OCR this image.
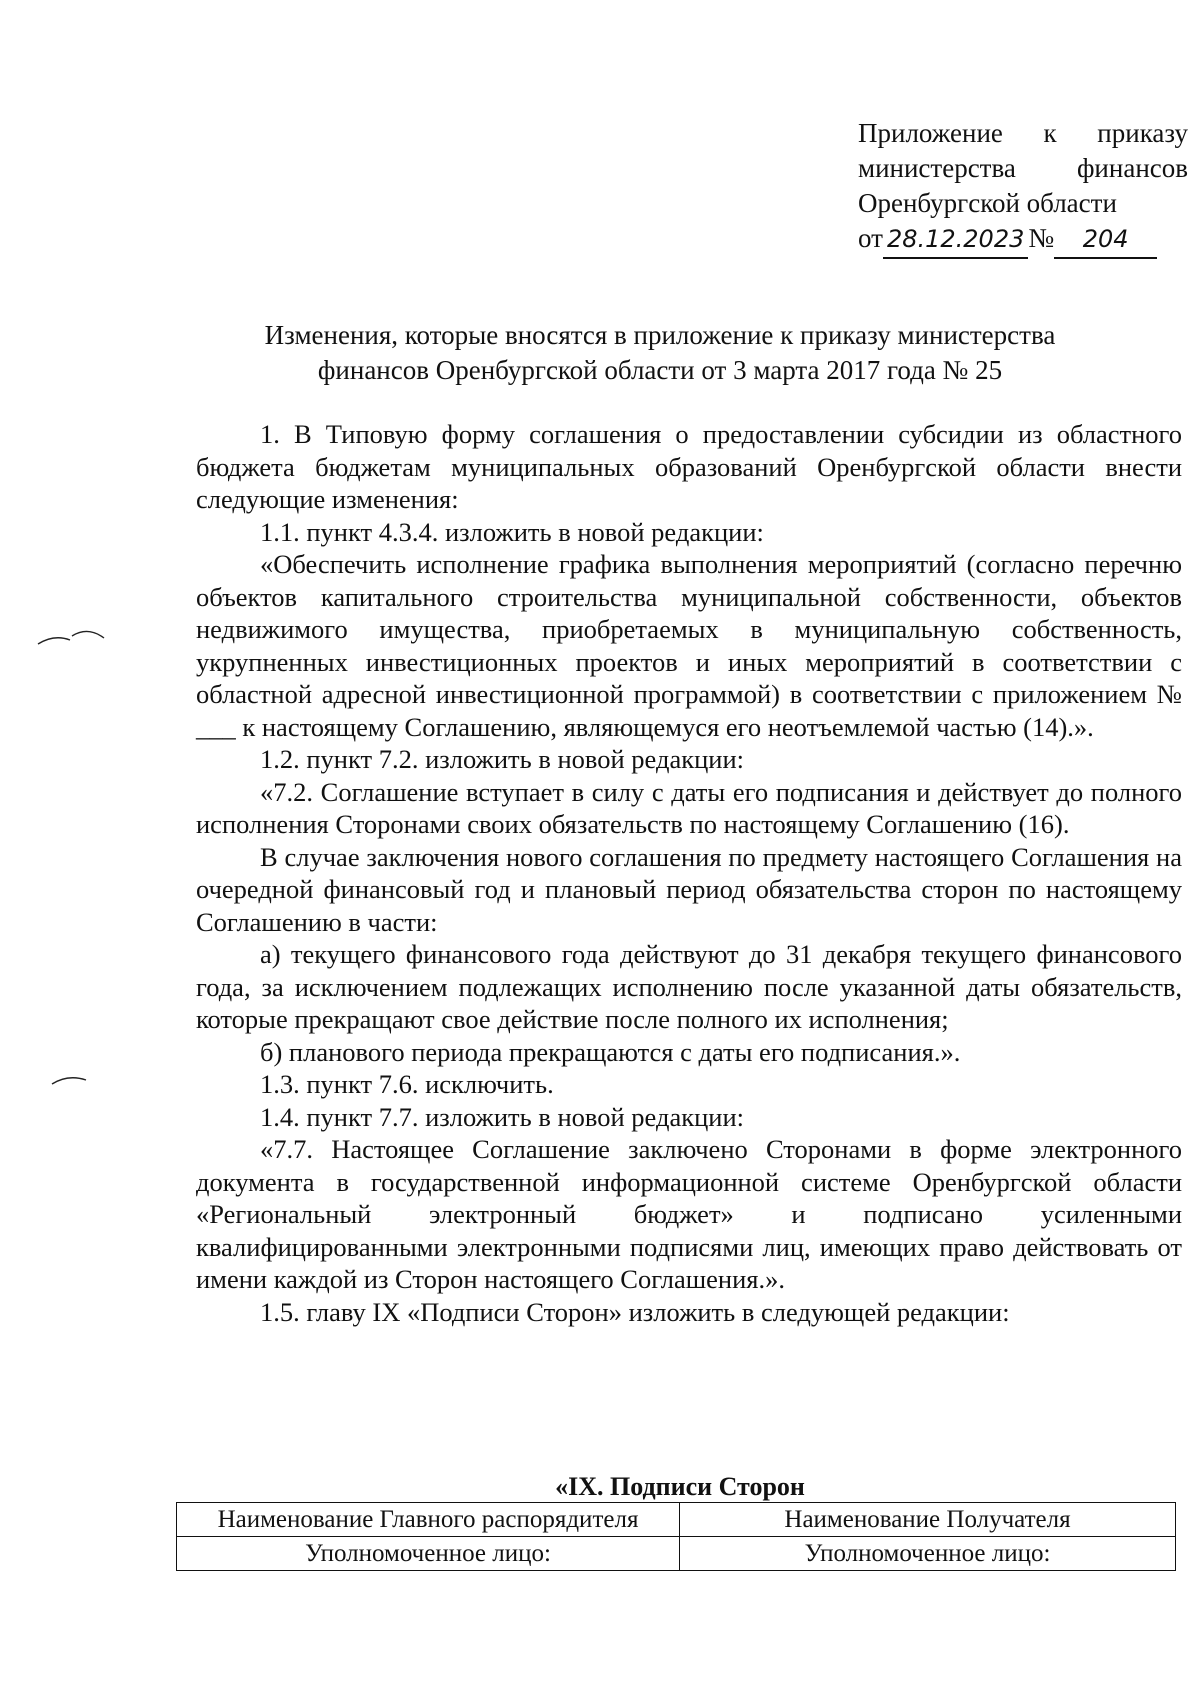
Приложение к приказу
министерства финансов
Оренбургской области
от 28.12.2023 №	204
Изменения, которые вносятся в приложение к приказу министерства
финансов Оренбургской области от 3 марта 2017 года № 25

1. В Типовую форму соглашения о предоставлении субсидии из областного бюджета бюджетам муниципальных образований Оренбургской области внести следующие изменения:

1.1. пункт 4.3.4. изложить в новой редакции:

«Обеспечить исполнение графика выполнения мероприятий (согласно перечню объектов капитального строительства муниципальной собственности, объектов недвижимого имущества, приобретаемых в муниципальную собственность, укрупненных инвестиционных проектов и иных мероприятий в соответствии с областной адресной инвестиционной программой) в соответствии с приложением № ___ к настоящему Соглашению, являющемуся его неотъемлемой частью (14).».

1.2. пункт 7.2. изложить в новой редакции:

«7.2. Соглашение вступает в силу с даты его подписания и действует до полного исполнения Сторонами своих обязательств по настоящему Соглашению (16).

В случае заключения нового соглашения по предмету настоящего Соглашения на очередной финансовый год и плановый период обязательства сторон по настоящему Соглашению в части:

а) текущего финансового года действуют до 31 декабря текущего финансового года, за исключением подлежащих исполнению после указанной даты обязательств, которые прекращают свое действие после полного их исполнения;

б) планового периода прекращаются с даты его подписания.».

1.3. пункт 7.6. исключить.

1.4. пункт 7.7. изложить в новой редакции:

«7.7. Настоящее Соглашение заключено Сторонами в форме электронного документа в государственной информационной системе Оренбургской области «Региональный электронный бюджет» и подписано усиленными квалифицированными электронными подписями лиц, имеющих право действовать от имени каждой из Сторон настоящего Соглашения.».

1.5. главу IX «Подписи Сторон» изложить в следующей редакции:

«IX. Подписи Сторон
Наименование Главного распорядителя	Наименование Получателя
Уполномоченное лицо:	Уполномоченное лицо:
